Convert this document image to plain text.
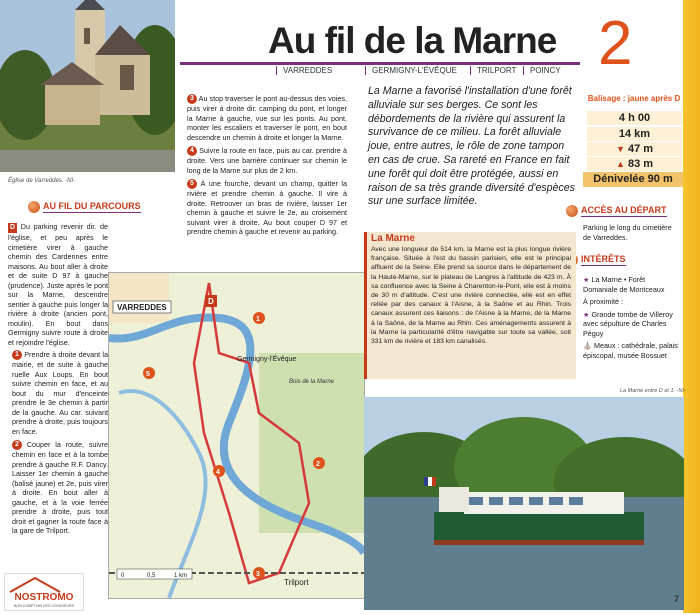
Église de Varreddes. -NI-
Au fil de la Marne
VARREDDES	GERMIGNY-L'ÉVÊQUE	TRILPORT	POINCY 2
Balisage : jaune après D
4 h 00
14 km
▼ 47 m
▲ 83 m
Dénivelée 90 m
ACCÈS AU DÉPART
Parking le long du cimetière de Varreddes.
INTÉRÊTS
★ La Marne • Forêt Domaniale de Montceaux
À proximité :
★ Grande tombe de Villeroy avec sépulture de Charles Péguy
⛪ Meaux : cathédrale, palais épiscopal, musée Bossuet
AU FIL DU PARCOURS
D Du parking revenir dir. de l'église, et peu après le cimetière virer à gauche chemin des Cardennes entre maisons. Au bout aller à droite et de suite D 97 à gauche (prudence). Juste après le pont sur la Marne, descendre sentier à gauche puis longer la rivière à droite (ancien pont, moulin). En bout dans Germigny suivre route à droite et rejoindre l'église.
1 Prendre à droite devant la mairie, et de suite à gauche ruelle Aux Loups. En bout suivre chemin en face, et au bout du mur d'enceinte prendre le 3e chemin à partir de la gauche. Au car. suivant prendre à droite, puis toujours en face.
2 Couper la route, suivre chemin en face et à la tombe prendre à gauche R.F. Dancy. Laisser 1er chemin à gauche (balisé jaune) et 2e, puis virer à droite. En bout aller à gauche, et à la voie ferrée prendre à droite, puis tout droit et gagner la route face à la gare de Trilport.
3 Au stop traverser le pont au-dessus des voies, puis virer à droite dir. camping du pont, et longer la Marne à gauche, vue sur les ponts. Au pont, monter les escaliers et traverser le pont, en bout descendre un chemin à droite et longer la Marne.
4 Suivre la route en face, puis au car. prendre à droite. Vers une barrière continuer sur chemin le long de la Marne sur plus de 2 km.
5 À une fourche, devant un champ, quitter la rivière et prendre chemin à gauche. Il vire à droite. Retrouver un bras de rivière, laisser 1er chemin à gauche et suivre le 2e, au croisement suivant virer à droite. Au bout couper D 97 et prendre chemin à gauche et revenir au parking.
VARREDDES
Germigny-l'Évêque
Bois de la Marne
Trilport
D
1
2
3
4
5
0	0,5	1 km
La Marne a favorisé l'installation d'une forêt alluviale sur ses berges. Ce sont les débordements de la rivière qui assurent la survivance de ce milieu. La forêt alluviale joue, entre autres, le rôle de zone tampon en cas de crue. Sa rareté en France en fait une forêt qui doit être protégée, aussi en raison de sa très grande diversité d'espèces sur une surface limitée.
La Marne
Avec une longueur de 514 km, la Marne est la plus longue rivière française. Située à l'est du bassin parisien, elle est le principal affluent de la Seine. Elle prend sa source dans le département de la Haute-Marne, sur le plateau de Langres à l'altitude de 423 m. À sa confluence avec la Seine à Charenton-le-Pont, elle est à moins de 30 m d'altitude. C'est une rivière connectée, elle est en effet reliée par des canaux à l'Aisne, à la Saône et au Rhin. Trois canaux assurent ces liaisons : de l'Aisne à la Marne, de la Marne à la Saône, de la Marne au Rhin. Ces aménagements assurent à la Marne la particularité d'être navigable sur toute sa vallée, soit 331 km de rivière et 183 km canalisés.
La Marne entre D et 1. -NI-
NOSTROMO
BON COMPTOIR DES VOYAGEURS
7
